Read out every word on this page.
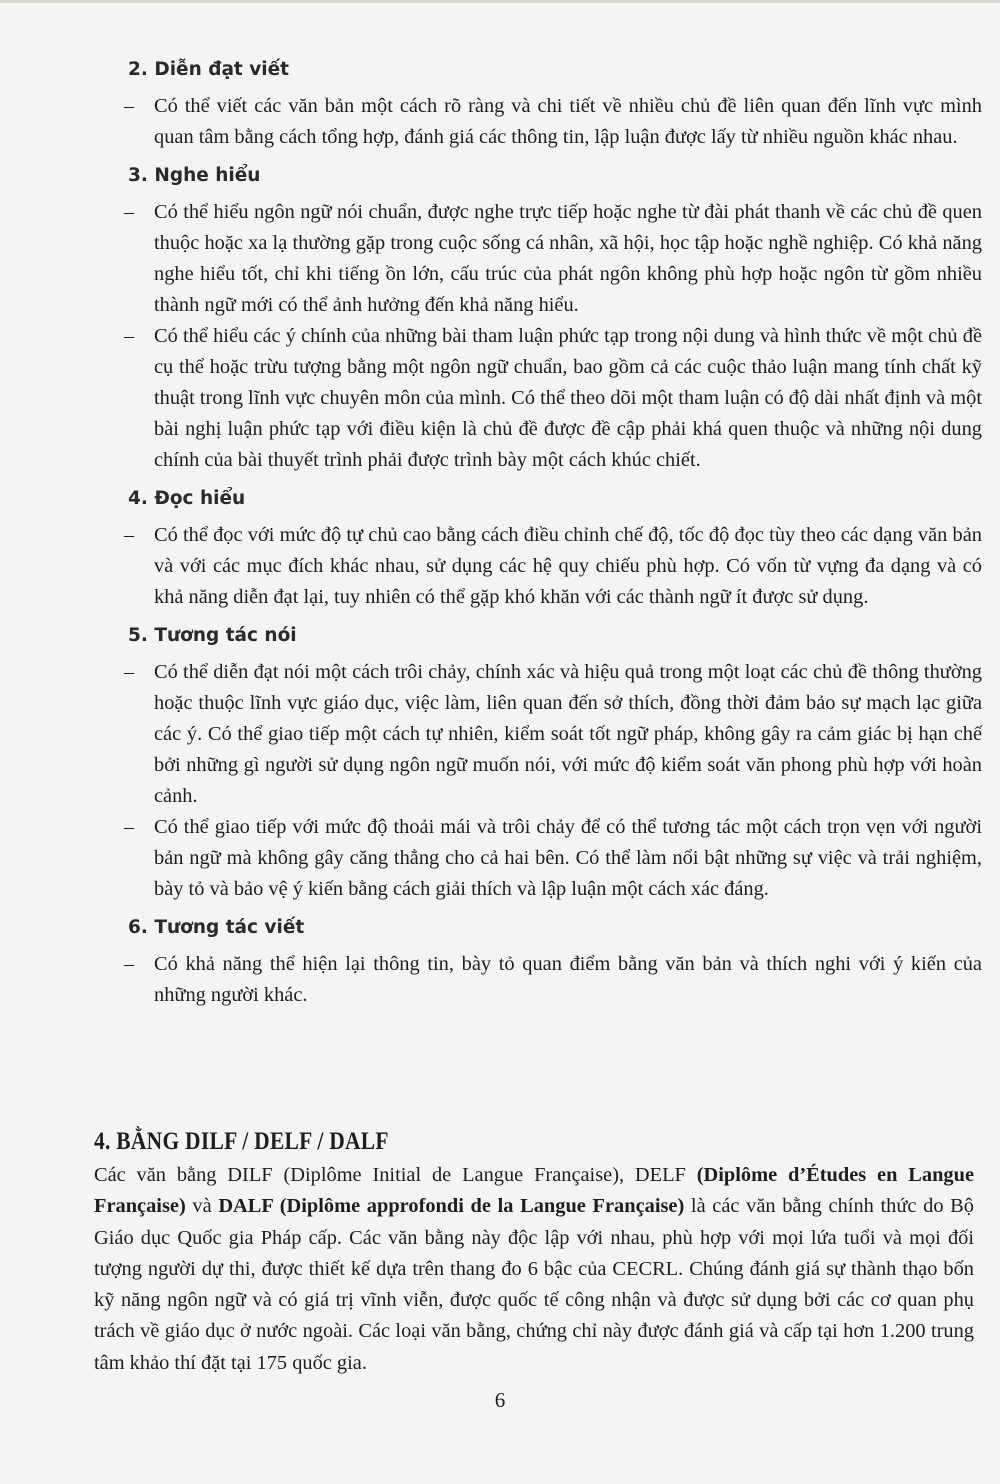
2. Diễn đạt viết
– Có thể viết các văn bản một cách rõ ràng và chi tiết về nhiều chủ đề liên quan đến lĩnh vực mình quan tâm bằng cách tổng hợp, đánh giá các thông tin, lập luận được lấy từ nhiều nguồn khác nhau.

3. Nghe hiểu
– Có thể hiểu ngôn ngữ nói chuẩn, được nghe trực tiếp hoặc nghe từ đài phát thanh về các chủ đề quen thuộc hoặc xa lạ thường gặp trong cuộc sống cá nhân, xã hội, học tập hoặc nghề nghiệp. Có khả năng nghe hiểu tốt, chỉ khi tiếng ồn lớn, cấu trúc của phát ngôn không phù hợp hoặc ngôn từ gồm nhiều thành ngữ mới có thể ảnh hưởng đến khả năng hiểu.

– Có thể hiểu các ý chính của những bài tham luận phức tạp trong nội dung và hình thức về một chủ đề cụ thể hoặc trừu tượng bằng một ngôn ngữ chuẩn, bao gồm cả các cuộc thảo luận mang tính chất kỹ thuật trong lĩnh vực chuyên môn của mình. Có thể theo dõi một tham luận có độ dài nhất định và một bài nghị luận phức tạp với điều kiện là chủ đề được đề cập phải khá quen thuộc và những nội dung chính của bài thuyết trình phải được trình bày một cách khúc chiết.

4. Đọc hiểu
– Có thể đọc với mức độ tự chủ cao bằng cách điều chỉnh chế độ, tốc độ đọc tùy theo các dạng văn bản và với các mục đích khác nhau, sử dụng các hệ quy chiếu phù hợp. Có vốn từ vựng đa dạng và có khả năng diễn đạt lại, tuy nhiên có thể gặp khó khăn với các thành ngữ ít được sử dụng.

5. Tương tác nói
– Có thể diễn đạt nói một cách trôi chảy, chính xác và hiệu quả trong một loạt các chủ đề thông thường hoặc thuộc lĩnh vực giáo dục, việc làm, liên quan đến sở thích, đồng thời đảm bảo sự mạch lạc giữa các ý. Có thể giao tiếp một cách tự nhiên, kiểm soát tốt ngữ pháp, không gây ra cảm giác bị hạn chế bởi những gì người sử dụng ngôn ngữ muốn nói, với mức độ kiểm soát văn phong phù hợp với hoàn cảnh.

– Có thể giao tiếp với mức độ thoải mái và trôi chảy để có thể tương tác một cách trọn vẹn với người bản ngữ mà không gây căng thẳng cho cả hai bên. Có thể làm nổi bật những sự việc và trải nghiệm, bày tỏ và bảo vệ ý kiến bằng cách giải thích và lập luận một cách xác đáng.

6. Tương tác viết
– Có khả năng thể hiện lại thông tin, bày tỏ quan điểm bằng văn bản và thích nghi với ý kiến của những người khác.

4. BẰNG DILF / DELF / DALF

Các văn bằng DILF (Diplôme Initial de Langue Française), DELF (Diplôme d’Études en Langue Française) và DALF (Diplôme approfondi de la Langue Française) là các văn bằng chính thức do Bộ Giáo dục Quốc gia Pháp cấp. Các văn bằng này độc lập với nhau, phù hợp với mọi lứa tuổi và mọi đối tượng người dự thi, được thiết kế dựa trên thang đo 6 bậc của CECRL. Chúng đánh giá sự thành thạo bốn kỹ năng ngôn ngữ và có giá trị vĩnh viễn, được quốc tế công nhận và được sử dụng bởi các cơ quan phụ trách về giáo dục ở nước ngoài. Các loại văn bằng, chứng chỉ này được đánh giá và cấp tại hơn 1.200 trung tâm khảo thí đặt tại 175 quốc gia.

6
